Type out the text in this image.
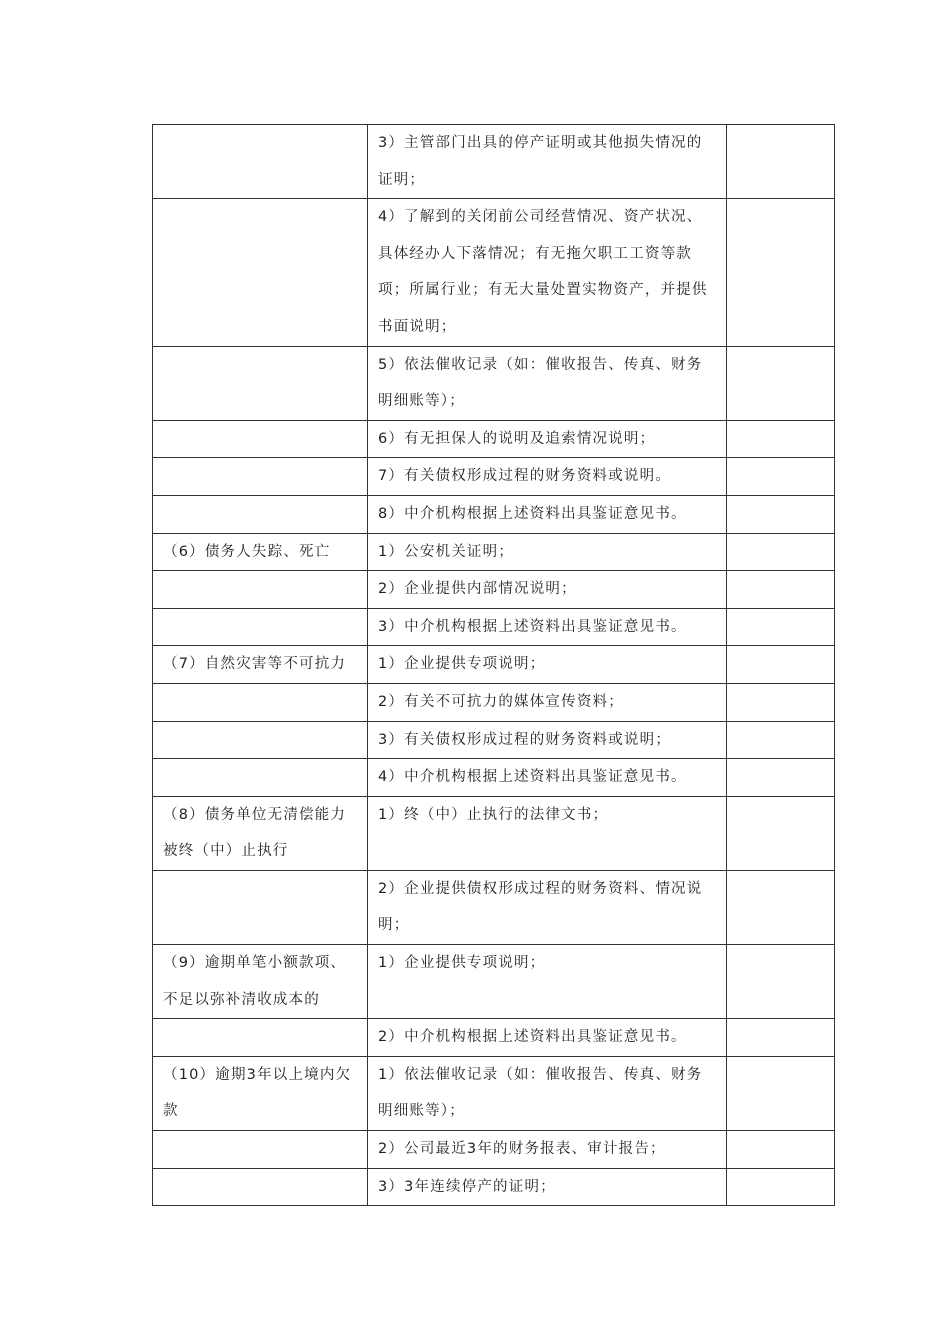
	3）主管部门出具的停产证明或其他损失情况的证明；	
	4）了解到的关闭前公司经营情况、资产状况、具体经办人下落情况；有无拖欠职工工资等款项；所属行业；有无大量处置实物资产，并提供书面说明；	
	5）依法催收记录（如：催收报告、传真、财务明细账等）；	
	6）有无担保人的说明及追索情况说明；	
	7）有关债权形成过程的财务资料或说明。	
	8）中介机构根据上述资料出具鉴证意见书。	
（6）债务人失踪、死亡	1）公安机关证明；	
	2）企业提供内部情况说明；	
	3）中介机构根据上述资料出具鉴证意见书。	
（7）自然灾害等不可抗力	1）企业提供专项说明；	
	2）有关不可抗力的媒体宣传资料；	
	3）有关债权形成过程的财务资料或说明；	
	4）中介机构根据上述资料出具鉴证意见书。	
（8）债务单位无清偿能力被终（中）止执行	1）终（中）止执行的法律文书；	
	2）企业提供债权形成过程的财务资料、情况说明；	
（9）逾期单笔小额款项、不足以弥补清收成本的	1）企业提供专项说明；	
	2）中介机构根据上述资料出具鉴证意见书。	
（10）逾期3年以上境内欠款	1）依法催收记录（如：催收报告、传真、财务明细账等）；	
	2）公司最近3年的财务报表、审计报告；	
	3）3年连续停产的证明；	
